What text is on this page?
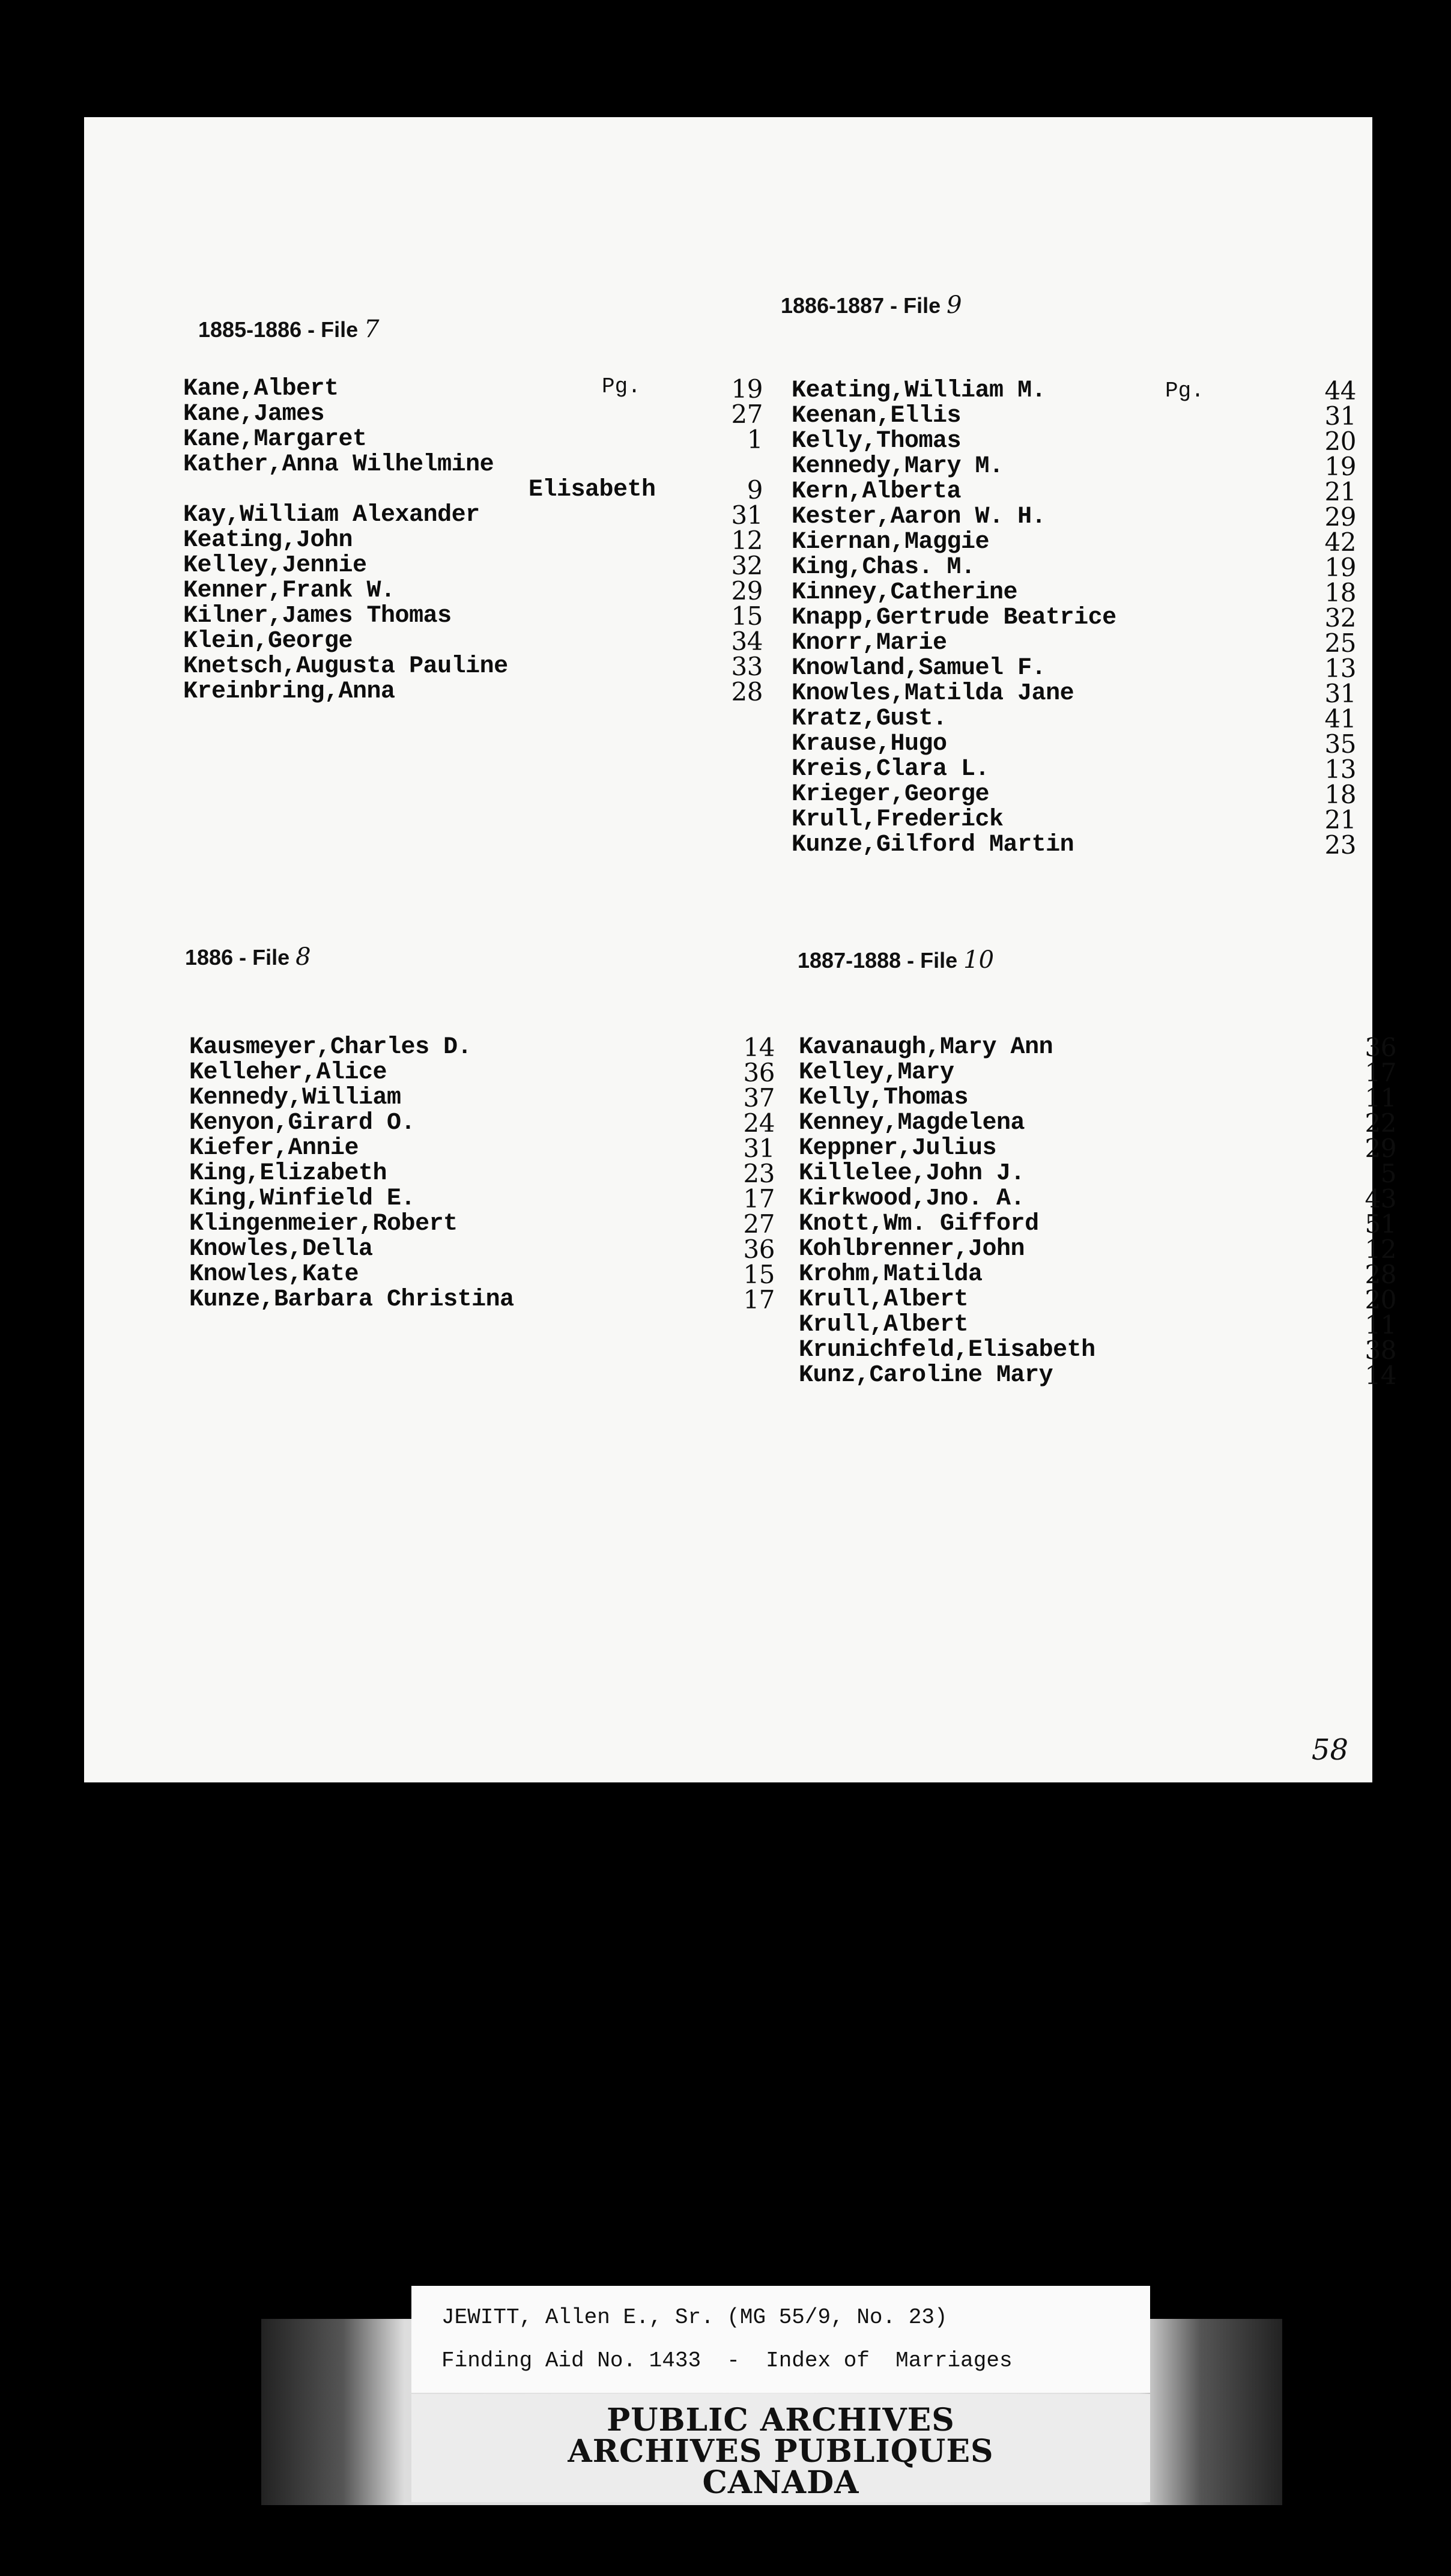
1885-1886 - File 7
Pg.
Kane,Albert	19
Kane,James	27
Kane,Margaret	1
Kather,Anna Wilhelmine
Elisabeth	9
Kay,William Alexander	31
Keating,John	12
Kelley,Jennie	32
Kenner,Frank W.	29
Kilner,James Thomas	15
Klein,George	34
Knetsch,Augusta Pauline	33
Kreinbring,Anna	28
1886-1887 - File 9
Pg.
Keating,William M.	44
Keenan,Ellis	31
Kelly,Thomas	20
Kennedy,Mary M.	19
Kern,Alberta	21
Kester,Aaron W. H.	29
Kiernan,Maggie	42
King,Chas. M.	19
Kinney,Catherine	18
Knapp,Gertrude Beatrice	32
Knorr,Marie	25
Knowland,Samuel F.	13
Knowles,Matilda Jane	31
Kratz,Gust.	41
Krause,Hugo	35
Kreis,Clara L.	13
Krieger,George	18
Krull,Frederick	21
Kunze,Gilford Martin	23
1886 - File 8
Kausmeyer,Charles D.	14
Kelleher,Alice	36
Kennedy,William	37
Kenyon,Girard O.	24
Kiefer,Annie	31
King,Elizabeth	23
King,Winfield E.	17
Klingenmeier,Robert	27
Knowles,Della	36
Knowles,Kate	15
Kunze,Barbara Christina	17
1887-1888 - File 10
Kavanaugh,Mary Ann	36
Kelley,Mary	17
Kelly,Thomas	11
Kenney,Magdelena	22
Keppner,Julius	29
Killelee,John J.	5
Kirkwood,Jno. A.	43
Knott,Wm. Gifford	51
Kohlbrenner,John	12
Krohm,Matilda	28
Krull,Albert	20
Krull,Albert	11
Krunichfeld,Elisabeth	38
Kunz,Caroline Mary	14
58
PUBLIC ARCHIVES
ARCHIVES PUBLIQUES
CANADA
JEWITT, Allen E., Sr. (MG 55/9, No. 23)
Finding Aid No. 1433  -  Index of  Marriages
